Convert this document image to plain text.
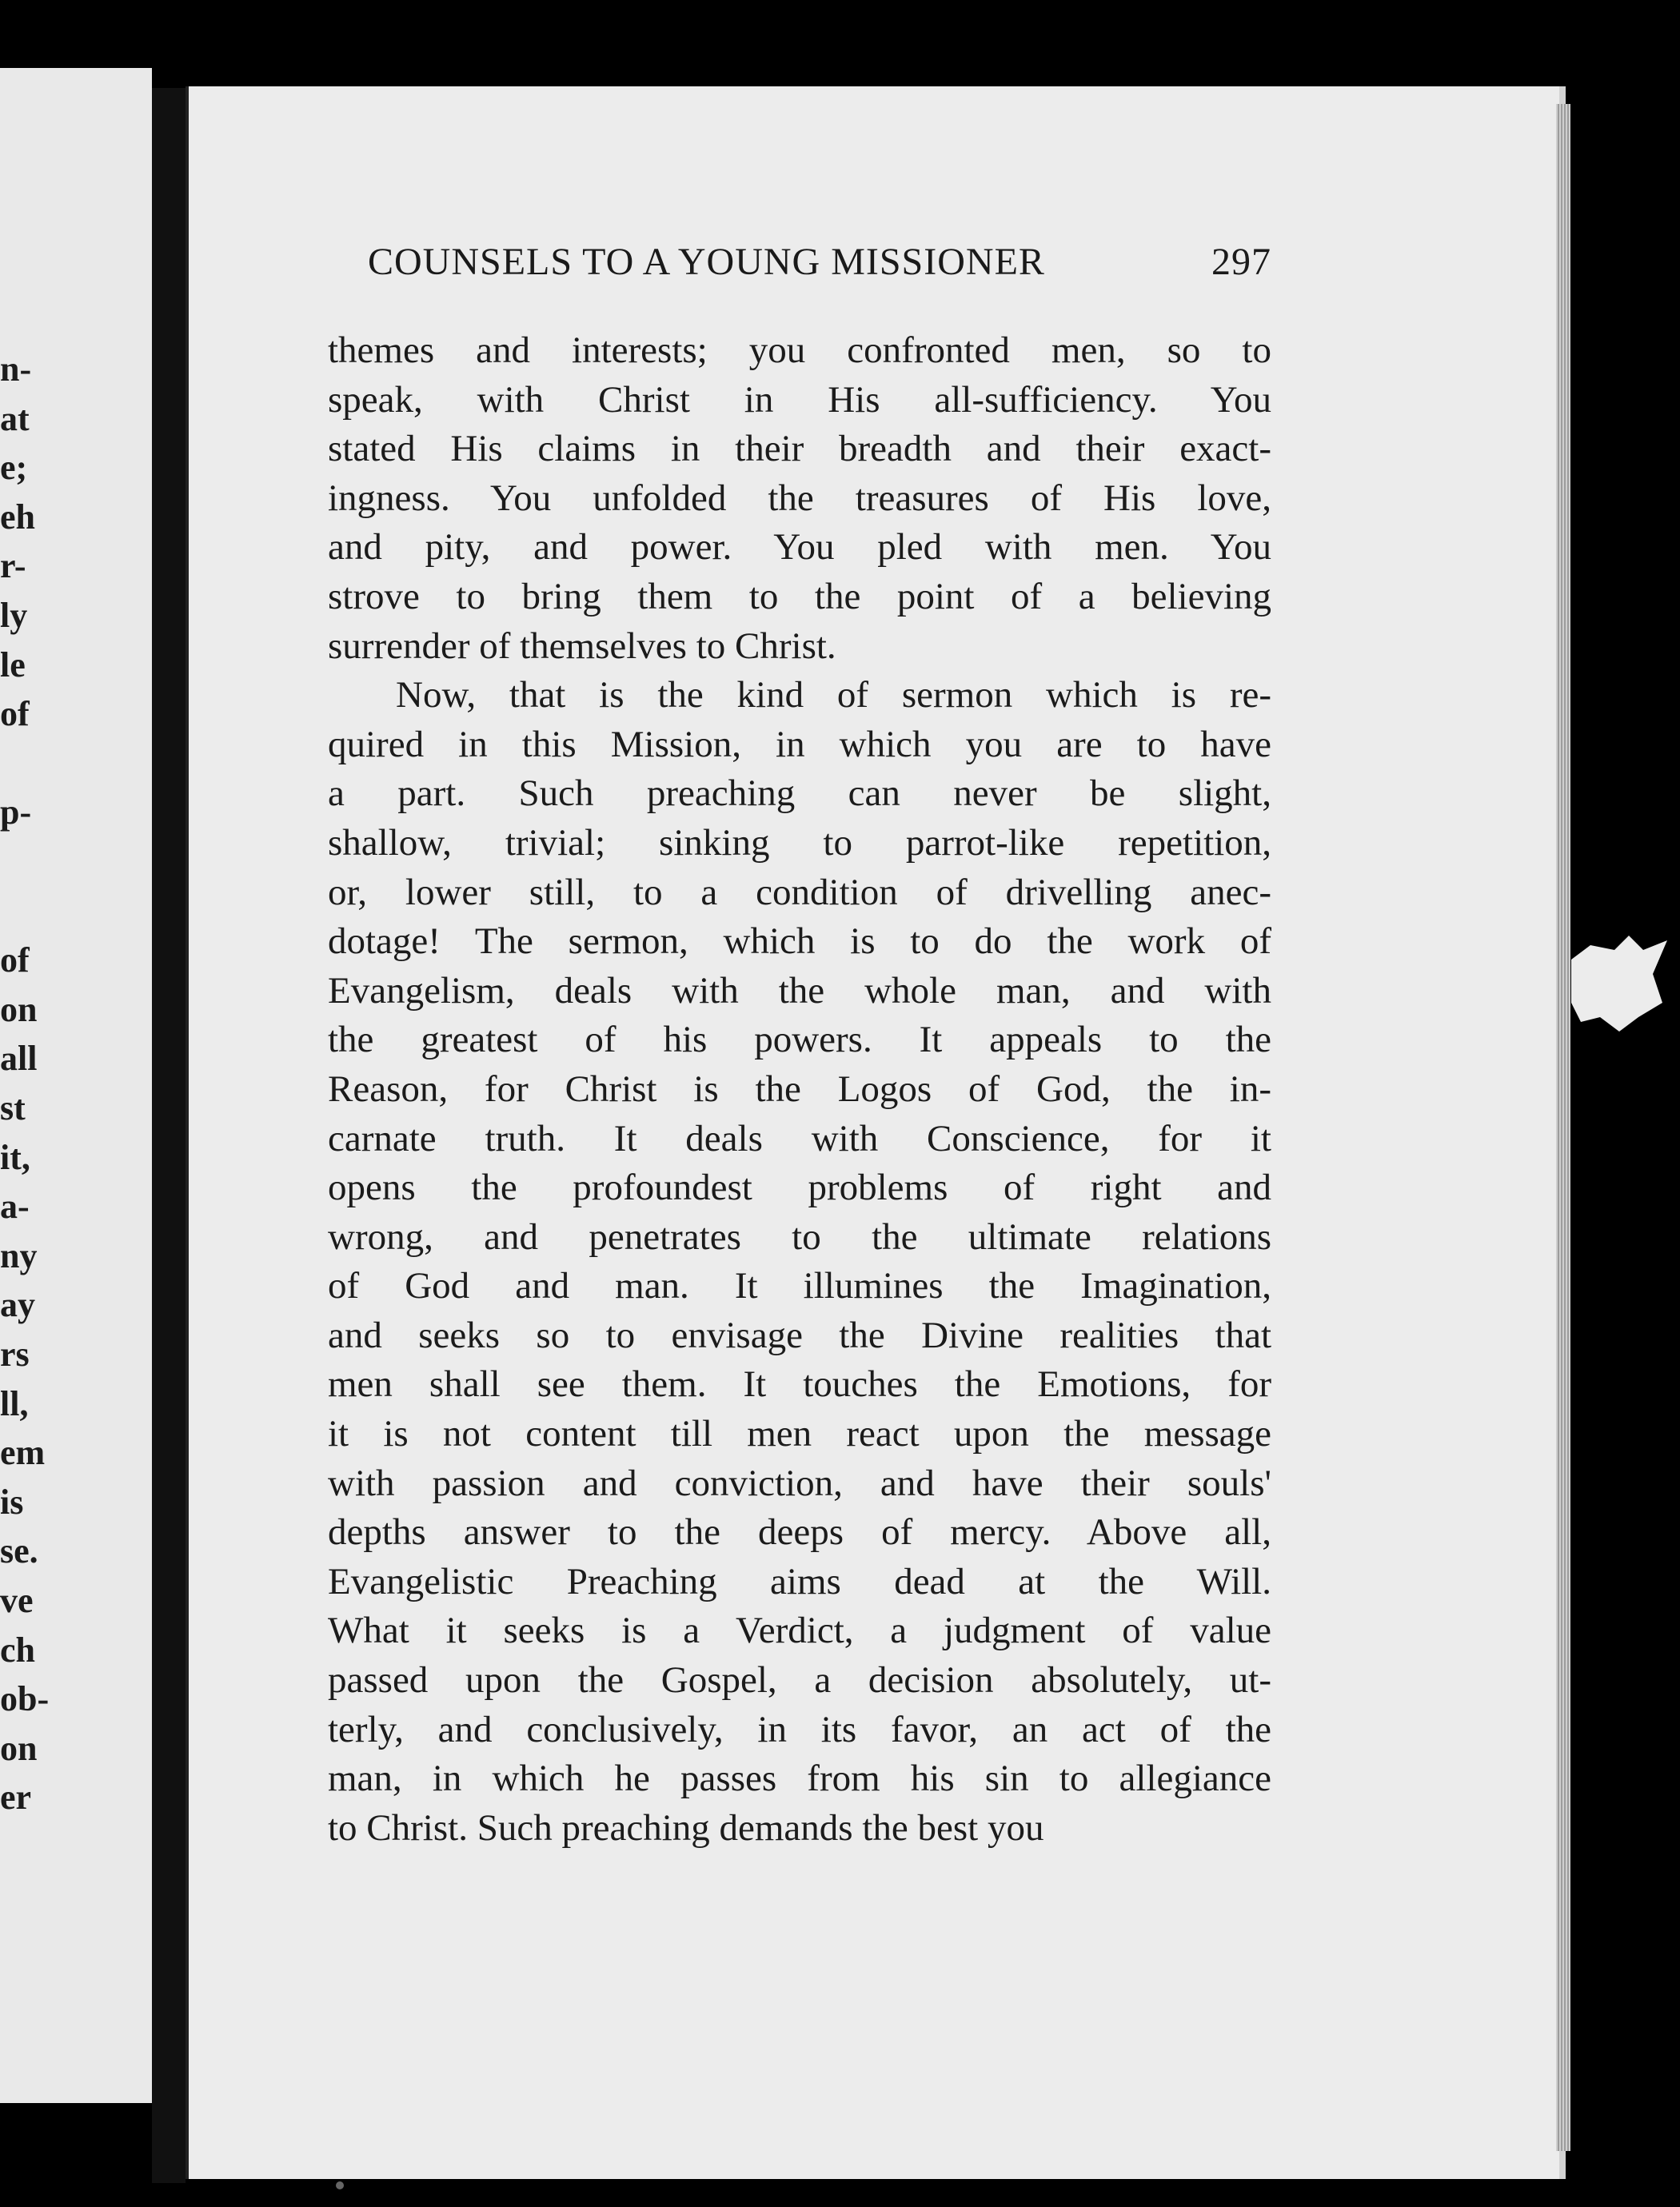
n-
at
e;
eh
r-
ly
le
of
p-
of
on
all
st
it,
a-
ny
ay
rs
ll,
em
is
se.
ve
ch
ob-
on
er
COUNSELS TO A YOUNG MISSIONER	297
themes and interests; you confronted men, so to
speak, with Christ in His all-sufficiency. You
stated His claims in their breadth and their exact-
ingness. You unfolded the treasures of His love,
and pity, and power. You pled with men. You
strove to bring them to the point of a believing
surrender of themselves to Christ.
Now, that is the kind of sermon which is re-
quired in this Mission, in which you are to have
a part. Such preaching can never be slight,
shallow, trivial; sinking to parrot-like repetition,
or, lower still, to a condition of drivelling anec-
dotage! The sermon, which is to do the work of
Evangelism, deals with the whole man, and with
the greatest of his powers. It appeals to the
Reason, for Christ is the Logos of God, the in-
carnate truth. It deals with Conscience, for it
opens the profoundest problems of right and
wrong, and penetrates to the ultimate relations
of God and man. It illumines the Imagination,
and seeks so to envisage the Divine realities that
men shall see them. It touches the Emotions, for
it is not content till men react upon the message
with passion and conviction, and have their souls'
depths answer to the deeps of mercy. Above all,
Evangelistic Preaching aims dead at the Will.
What it seeks is a Verdict, a judgment of value
passed upon the Gospel, a decision absolutely, ut-
terly, and conclusively, in its favor, an act of the
man, in which he passes from his sin to allegiance
to Christ. Such preaching demands the best you
